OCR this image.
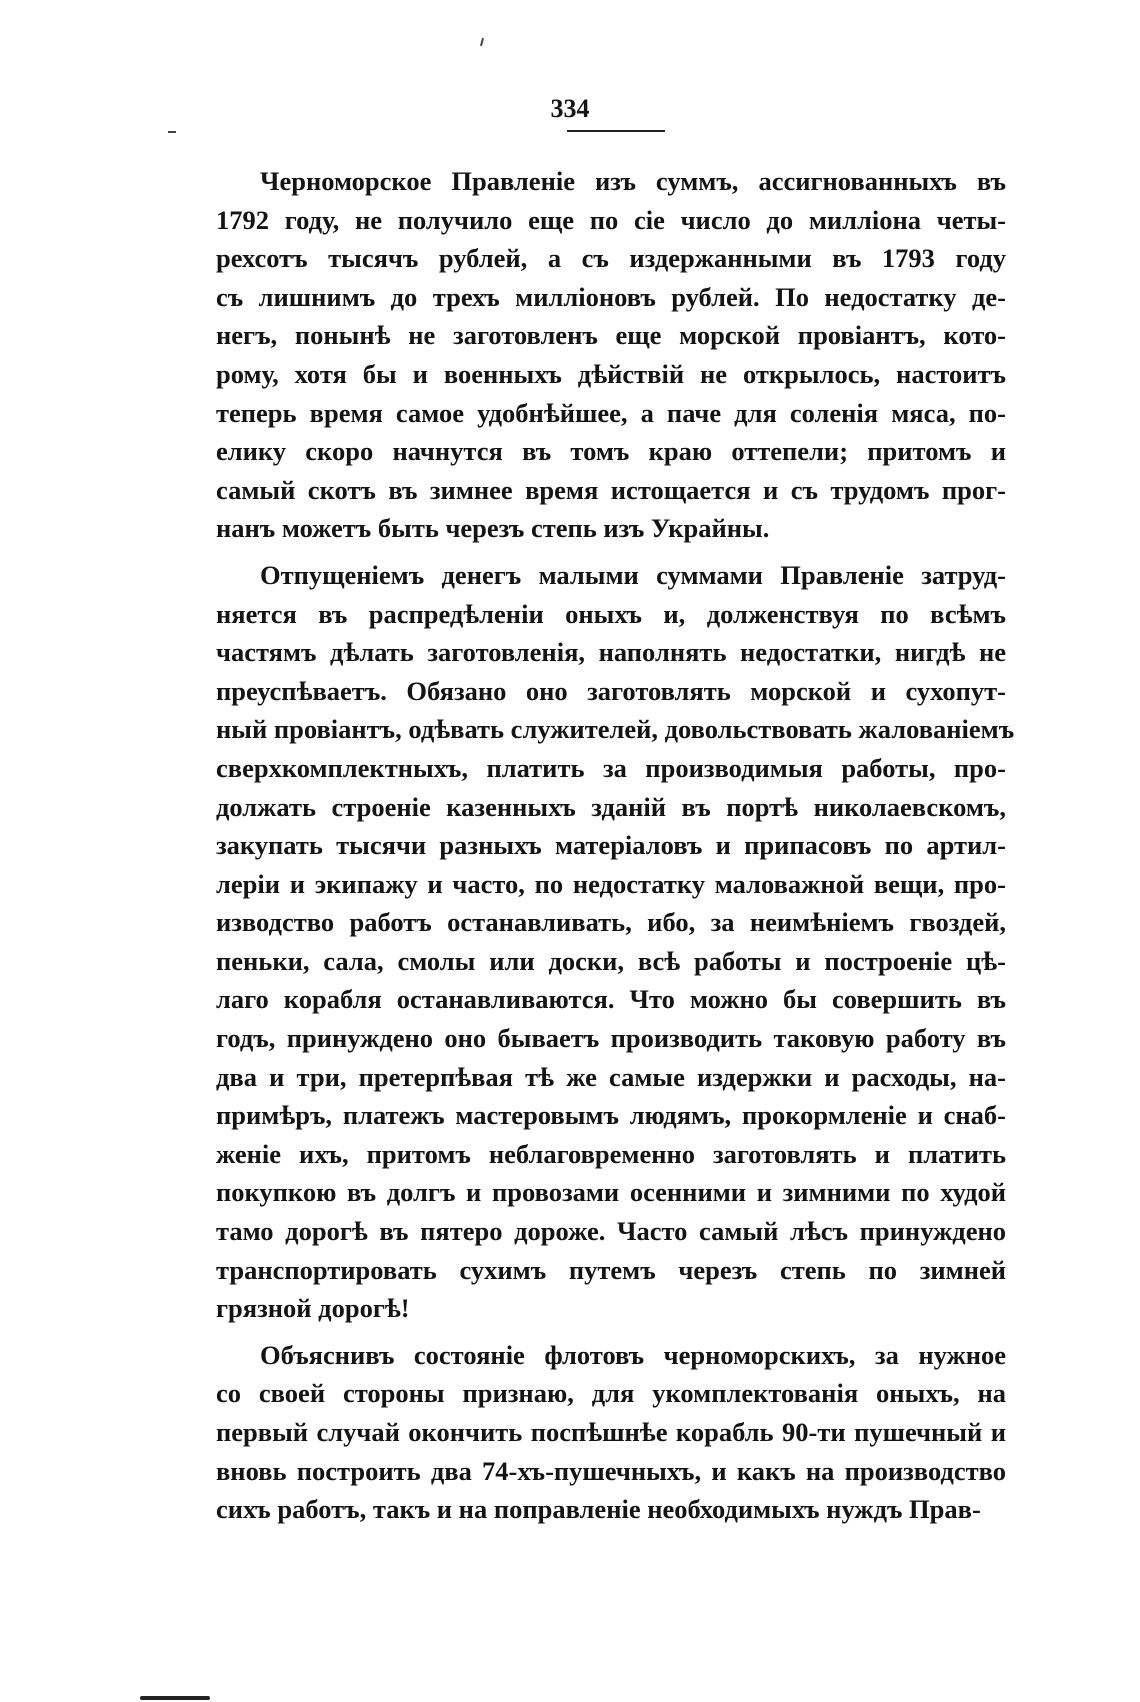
334
Черноморское Правленіе изъ суммъ, ассигнованныхъ въ
1792 году, не получило еще по сіе число до милліона четы-
рехсотъ тысячъ рублей, а съ издержанными въ 1793 году
съ лишнимъ до трехъ милліоновъ рублей. По недостатку де-
негъ, понынѣ не заготовленъ еще морской провіантъ, кото-
рому, хотя бы и военныхъ дѣйствій не открылось, настоитъ
теперь время самое удобнѣйшее, а паче для соленія мяса, по-
елику скоро начнутся въ томъ краю оттепели; притомъ и
самый скотъ въ зимнее время истощается и съ трудомъ прог-
нанъ можетъ быть черезъ степь изъ Украйны.
Отпущеніемъ денегъ малыми суммами Правленіе затруд-
няется въ распредѣленіи оныхъ и, долженствуя по всѣмъ
частямъ дѣлать заготовленія, наполнять недостатки, нигдѣ не
преуспѣваетъ. Обязано оно заготовлять морской и сухопут-
ный провіантъ, одѣвать служителей, довольствовать жалованіемъ
сверхкомплектныхъ, платить за производимыя работы, про-
должать строеніе казенныхъ зданій въ портѣ николаевскомъ,
закупать тысячи разныхъ матеріаловъ и припасовъ по артил-
леріи и экипажу и часто, по недостатку маловажной вещи, про-
изводство работъ останавливать, ибо, за неимѣніемъ гвоздей,
пеньки, сала, смолы или доски, всѣ работы и построеніе цѣ-
лаго корабля останавливаются. Что можно бы совершить въ
годъ, принуждено оно бываетъ производить таковую работу въ
два и три, претерпѣвая тѣ же самые издержки и расходы, на-
примѣръ, платежъ мастеровымъ людямъ, прокормленіе и снаб-
женіе ихъ, притомъ неблаговременно заготовлять и платить
покупкою въ долгъ и провозами осенними и зимними по худой
тамо дорогѣ въ пятеро дороже. Часто самый лѣсъ принуждено
транспортировать сухимъ путемъ черезъ степь по зимней
грязной дорогѣ!
Объяснивъ состояніе флотовъ черноморскихъ, за нужное
со своей стороны признаю, для укомплектованія оныхъ, на
первый случай окончить поспѣшнѣе корабль 90-ти пушечный и
вновь построить два 74-хъ-пушечныхъ, и какъ на производство
сихъ работъ, такъ и на поправленіе необходимыхъ нуждъ Прав-
